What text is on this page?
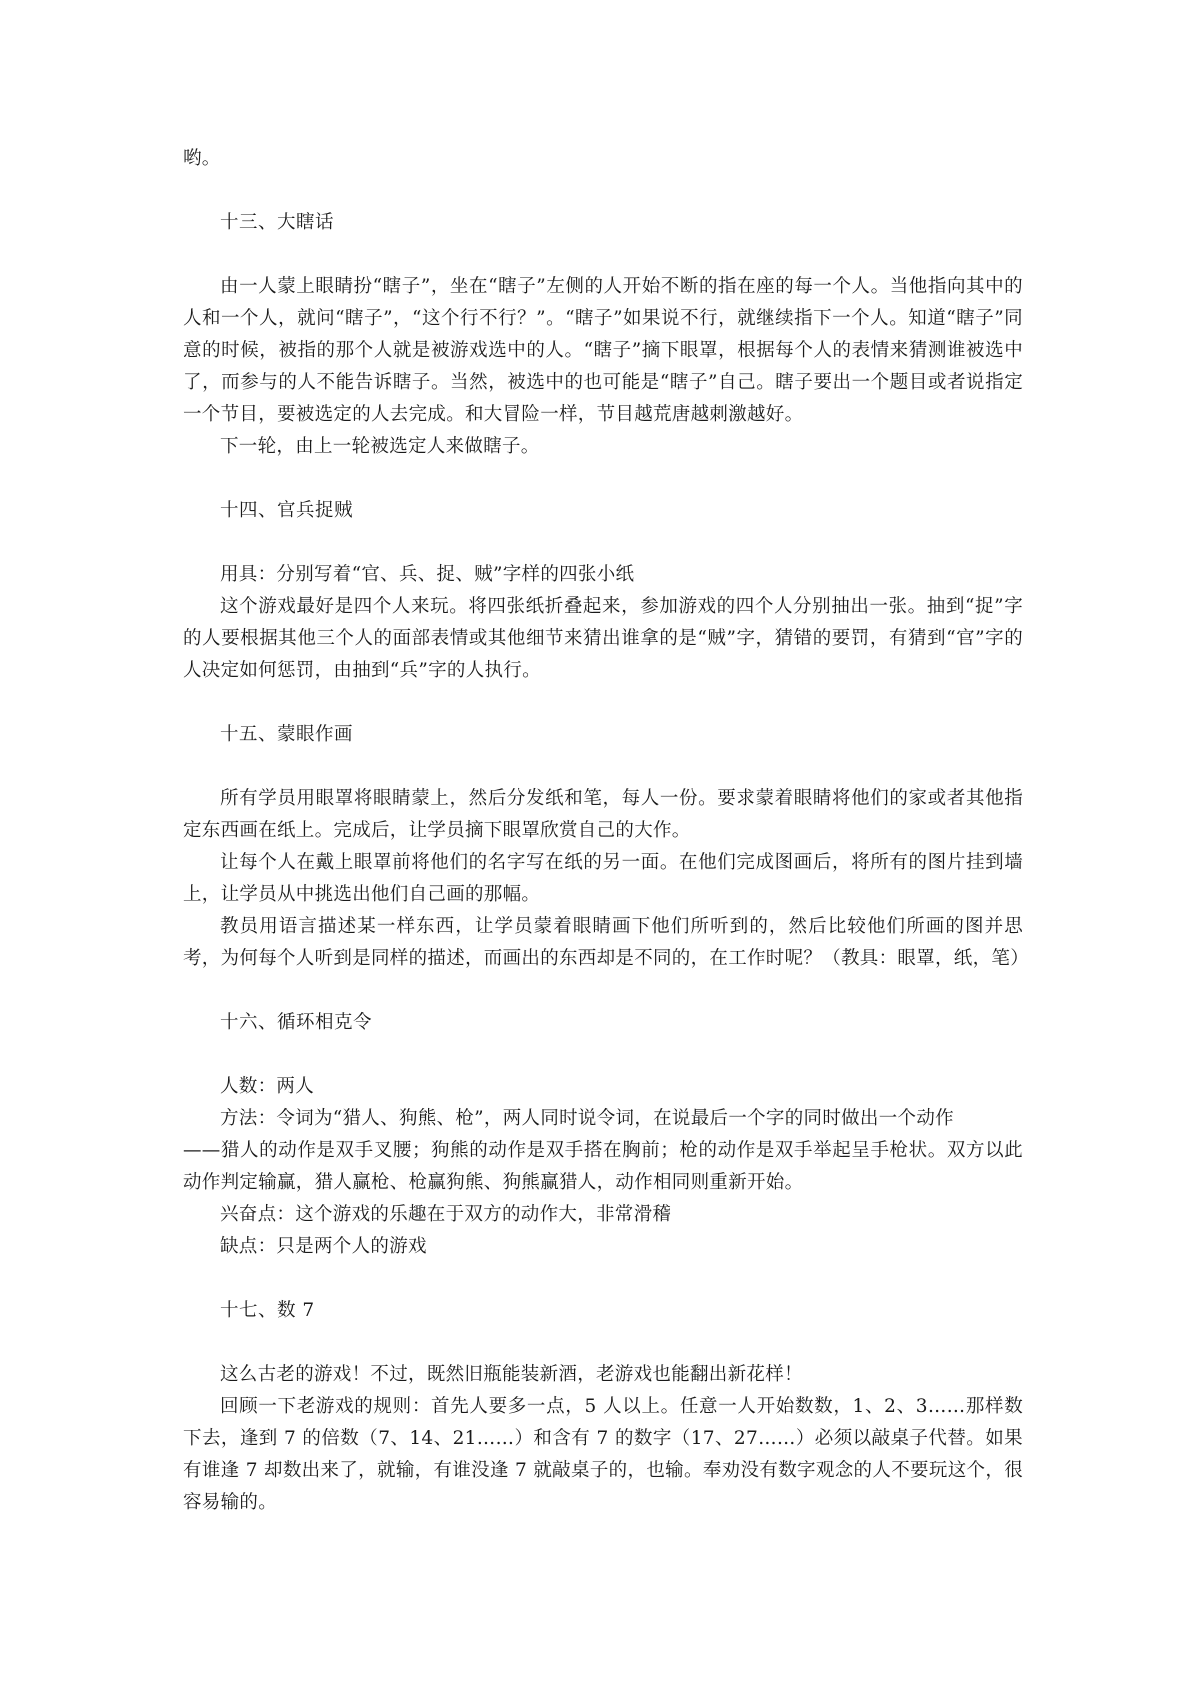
哟。

十三、大瞎话

由一人蒙上眼睛扮“瞎子”，坐在“瞎子”左侧的人开始不断的指在座的每一个人。当他指向其中的人和一个人，就问“瞎子”，“这个行不行？”。“瞎子”如果说不行，就继续指下一个人。知道“瞎子”同意的时候，被指的那个人就是被游戏选中的人。“瞎子”摘下眼罩，根据每个人的表情来猜测谁被选中了，而参与的人不能告诉瞎子。当然，被选中的也可能是“瞎子”自己。瞎子要出一个题目或者说指定一个节目，要被选定的人去完成。和大冒险一样，节目越荒唐越刺激越好。

下一轮，由上一轮被选定人来做瞎子。

十四、官兵捉贼

用具：分别写着“官、兵、捉、贼”字样的四张小纸

这个游戏最好是四个人来玩。将四张纸折叠起来，参加游戏的四个人分别抽出一张。抽到“捉”字的人要根据其他三个人的面部表情或其他细节来猜出谁拿的是“贼”字，猜错的要罚，有猜到“官”字的人决定如何惩罚，由抽到“兵”字的人执行。

十五、蒙眼作画

所有学员用眼罩将眼睛蒙上，然后分发纸和笔，每人一份。要求蒙着眼睛将他们的家或者其他指定东西画在纸上。完成后，让学员摘下眼罩欣赏自己的大作。

让每个人在戴上眼罩前将他们的名字写在纸的另一面。在他们完成图画后，将所有的图片挂到墙上，让学员从中挑选出他们自己画的那幅。

教员用语言描述某一样东西，让学员蒙着眼睛画下他们所听到的，然后比较他们所画的图并思考，为何每个人听到是同样的描述，而画出的东西却是不同的，在工作时呢？（教具：眼罩，纸，笔）

十六、循环相克令

人数：两人

方法：令词为“猎人、狗熊、枪”，两人同时说令词，在说最后一个字的同时做出一个动作

——猎人的动作是双手叉腰；狗熊的动作是双手搭在胸前；枪的动作是双手举起呈手枪状。双方以此动作判定输赢，猎人赢枪、枪赢狗熊、狗熊赢猎人，动作相同则重新开始。

兴奋点：这个游戏的乐趣在于双方的动作大，非常滑稽

缺点：只是两个人的游戏

十七、数 7

这么古老的游戏！不过，既然旧瓶能装新酒，老游戏也能翻出新花样！

回顾一下老游戏的规则：首先人要多一点，5 人以上。任意一人开始数数，1、2、3……那样数下去，逢到 7 的倍数（7、14、21……）和含有 7 的数字（17、27……）必须以敲桌子代替。如果有谁逢 7 却数出来了，就输，有谁没逢 7 就敲桌子的，也输。奉劝没有数字观念的人不要玩这个，很容易输的。
